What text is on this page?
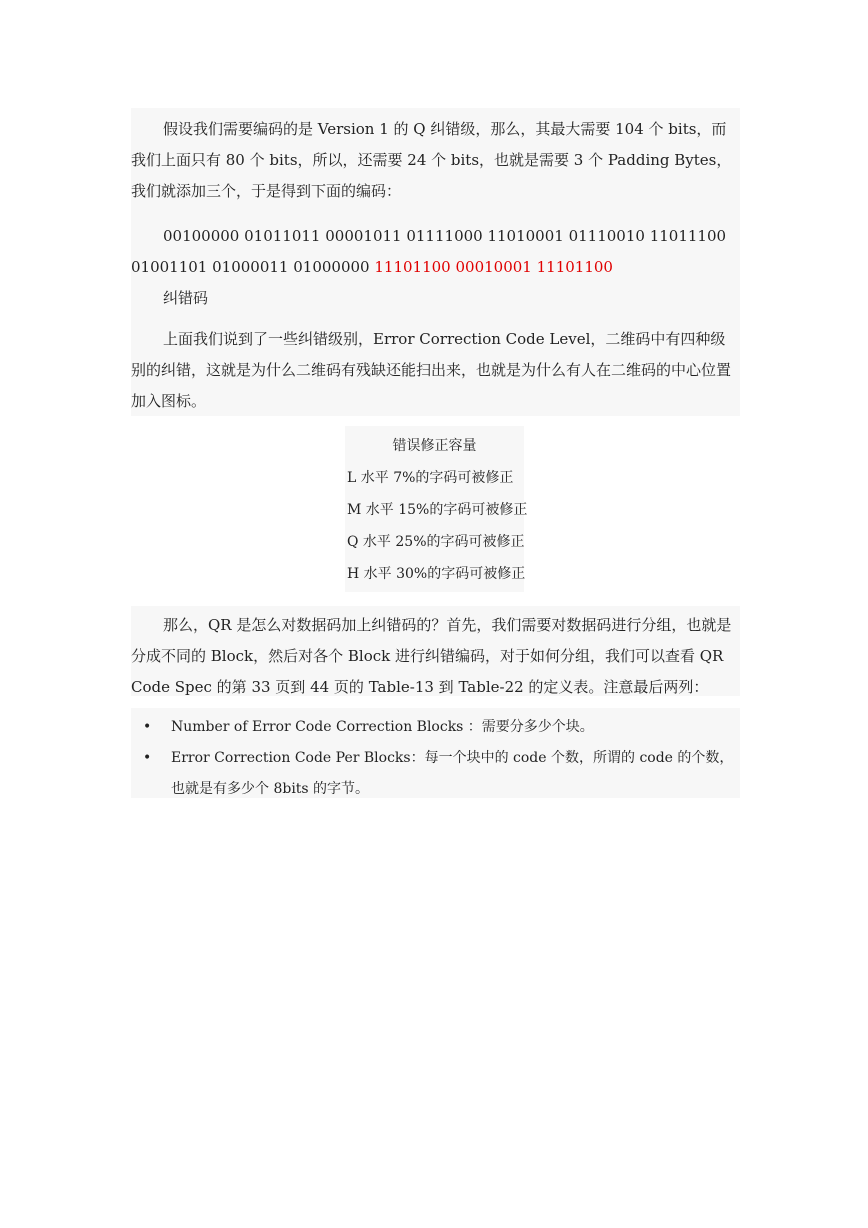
假设我们需要编码的是 Version 1 的 Q 纠错级，那么，其最大需要 104 个 bits，而我们上面只有 80 个 bits，所以，还需要 24 个 bits，也就是需要 3 个 Padding Bytes，我们就添加三个，于是得到下面的编码：

00100000 01011011 00001011 01111000 11010001 01110010 11011100 01001101 01000011 01000000 11101100 00010001 11101100

纠错码

上面我们说到了一些纠错级别，Error Correction Code Level，二维码中有四种级别的纠错，这就是为什么二维码有残缺还能扫出来，也就是为什么有人在二维码的中心位置加入图标。

错误修正容量
L 水平 7%的字码可被修正
M 水平 15%的字码可被修正
Q 水平 25%的字码可被修正
H 水平 30%的字码可被修正

那么，QR 是怎么对数据码加上纠错码的？首先，我们需要对数据码进行分组，也就是分成不同的 Block，然后对各个 Block 进行纠错编码，对于如何分组，我们可以查看 QR Code Spec 的第 33 页到 44 页的 Table-13 到 Table-22 的定义表。注意最后两列：

• Number of Error Code Correction Blocks ：需要分多少个块。
• Error Correction Code Per Blocks：每一个块中的 code 个数，所谓的 code 的个数，也就是有多少个 8bits 的字节。
